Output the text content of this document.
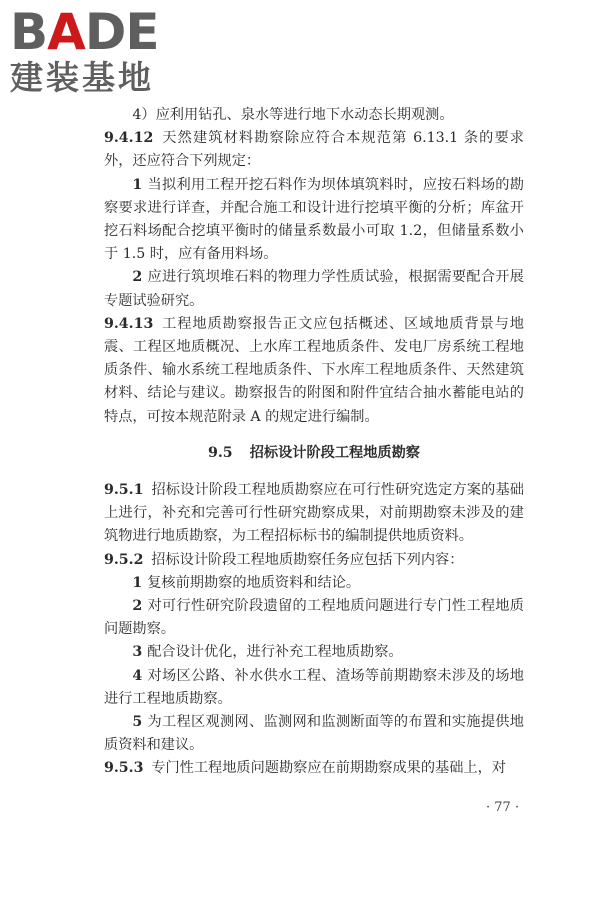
BADE
建装基地

4）应利用钻孔、泉水等进行地下水动态长期观测。

9.4.12 天然建筑材料勘察除应符合本规范第 6.13.1 条的要求外，还应符合下列规定：

1 当拟利用工程开挖石料作为坝体填筑料时，应按石料场的勘察要求进行详查，并配合施工和设计进行挖填平衡的分析；库盆开挖石料场配合挖填平衡时的储量系数最小可取 1.2，但储量系数小于 1.5 时，应有备用料场。

2 应进行筑坝堆石料的物理力学性质试验，根据需要配合开展专题试验研究。

9.4.13 工程地质勘察报告正文应包括概述、区域地质背景与地震、工程区地质概况、上水库工程地质条件、发电厂房系统工程地质条件、输水系统工程地质条件、下水库工程地质条件、天然建筑材料、结论与建议。勘察报告的附图和附件宜结合抽水蓄能电站的特点，可按本规范附录 A 的规定进行编制。

9.5 招标设计阶段工程地质勘察

9.5.1 招标设计阶段工程地质勘察应在可行性研究选定方案的基础上进行，补充和完善可行性研究勘察成果，对前期勘察未涉及的建筑物进行地质勘察，为工程招标标书的编制提供地质资料。

9.5.2 招标设计阶段工程地质勘察任务应包括下列内容：

1 复核前期勘察的地质资料和结论。

2 对可行性研究阶段遗留的工程地质问题进行专门性工程地质问题勘察。

3 配合设计优化，进行补充工程地质勘察。

4 对场区公路、补水供水工程、渣场等前期勘察未涉及的场地进行工程地质勘察。

5 为工程区观测网、监测网和监测断面等的布置和实施提供地质资料和建议。

9.5.3 专门性工程地质问题勘察应在前期勘察成果的基础上，对

· 77 ·
